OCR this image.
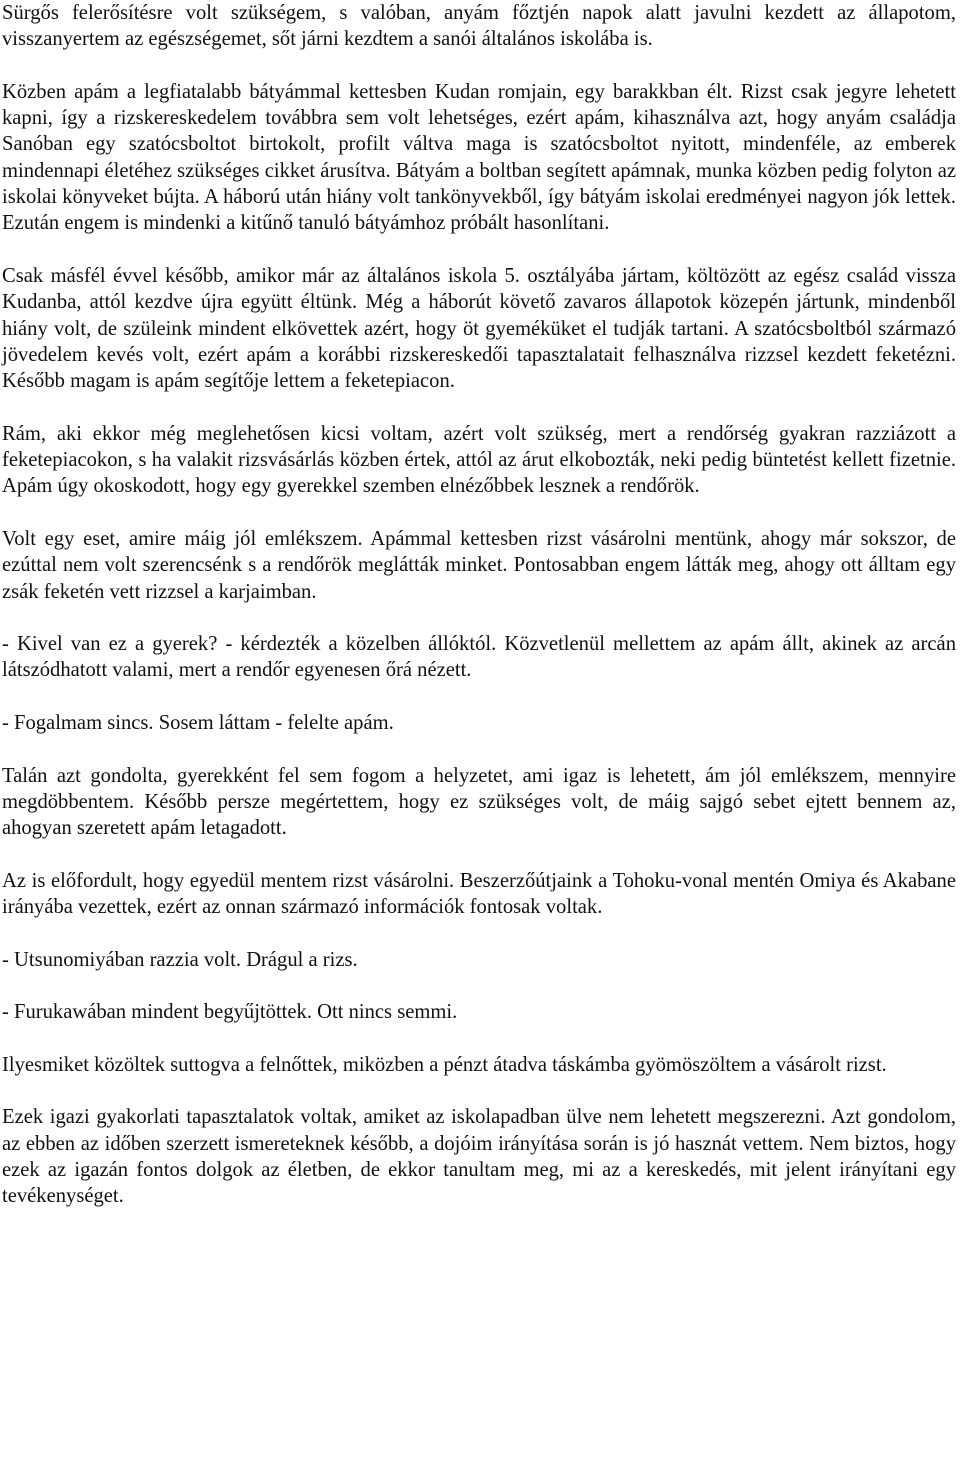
Sürgős felerősítésre volt szükségem, s valóban, anyám főztjén napok alatt javulni kezdett az állapotom, visszanyertem az egészségemet, sőt járni kezdtem a sanói általános iskolába is.

Közben apám a legfiatalabb bátyámmal kettesben Kudan romjain, egy barakkban élt. Rizst csak jegyre lehetett kapni, így a rizskereskedelem továbbra sem volt lehetséges, ezért apám, kihasználva azt, hogy anyám családja Sanóban egy szatócsboltot birtokolt, profilt váltva maga is szatócsboltot nyitott, mindenféle, az emberek mindennapi életéhez szükséges cikket árusítva. Bátyám a boltban segített apámnak, munka közben pedig folyton az iskolai könyveket bújta. A háború után hiány volt tankönyvekből, így bátyám iskolai eredményei nagyon jók lettek. Ezután engem is mindenki a kitűnő tanuló bátyámhoz próbált hasonlítani.

Csak másfél évvel később, amikor már az általános iskola 5. osztályába jártam, költözött az egész család vissza Kudanba, attól kezdve újra együtt éltünk. Még a háborút követő zavaros állapotok közepén jártunk, mindenből hiány volt, de szüleink mindent elkövettek azért, hogy öt gyeméküket el tudják tartani. A szatócsboltból származó jövedelem kevés volt, ezért apám a korábbi rizskereskedői tapasztalatait felhasználva rizzsel kezdett feketézni. Később magam is apám segítője lettem a feketepiacon.

Rám, aki ekkor még meglehetősen kicsi voltam, azért volt szükség, mert a rendőrség gyakran razziázott a feketepiacokon, s ha valakit rizsvásárlás közben értek, attól az árut elkobozták, neki pedig büntetést kellett fizetnie. Apám úgy okoskodott, hogy egy gyerekkel szemben elnézőbbek lesznek a rendőrök.

Volt egy eset, amire máig jól emlékszem. Apámmal kettesben rizst vásárolni mentünk, ahogy már sokszor, de ezúttal nem volt szerencsénk s a rendőrök meglátták minket. Pontosabban engem látták meg, ahogy ott álltam egy zsák feketén vett rizzsel a karjaimban.

- Kivel van ez a gyerek? - kérdezték a közelben állóktól. Közvetlenül mellettem az apám állt, akinek az arcán látszódhatott valami, mert a rendőr egyenesen őrá nézett.

- Fogalmam sincs. Sosem láttam - felelte apám.

Talán azt gondolta, gyerekként fel sem fogom a helyzetet, ami igaz is lehetett, ám jól emlékszem, mennyire megdöbbentem. Később persze megértettem, hogy ez szükséges volt, de máig sajgó sebet ejtett bennem az, ahogyan szeretett apám letagadott.

Az is előfordult, hogy egyedül mentem rizst vásárolni. Beszerzőútjaink a Tohoku-vonal mentén Omiya és Akabane irányába vezettek, ezért az onnan származó információk fontosak voltak.

- Utsunomiyában razzia volt. Drágul a rizs.

- Furukawában mindent begyűjtöttek. Ott nincs semmi.

Ilyesmiket közöltek suttogva a felnőttek, miközben a pénzt átadva táskámba gyömöszöltem a vásárolt rizst.

Ezek igazi gyakorlati tapasztalatok voltak, amiket az iskolapadban ülve nem lehetett megszerezni. Azt gondolom, az ebben az időben szerzett ismereteknek később, a dojóim irányítása során is jó hasznát vettem. Nem biztos, hogy ezek az igazán fontos dolgok az életben, de ekkor tanultam meg, mi az a kereskedés, mit jelent irányítani egy tevékenységet.
